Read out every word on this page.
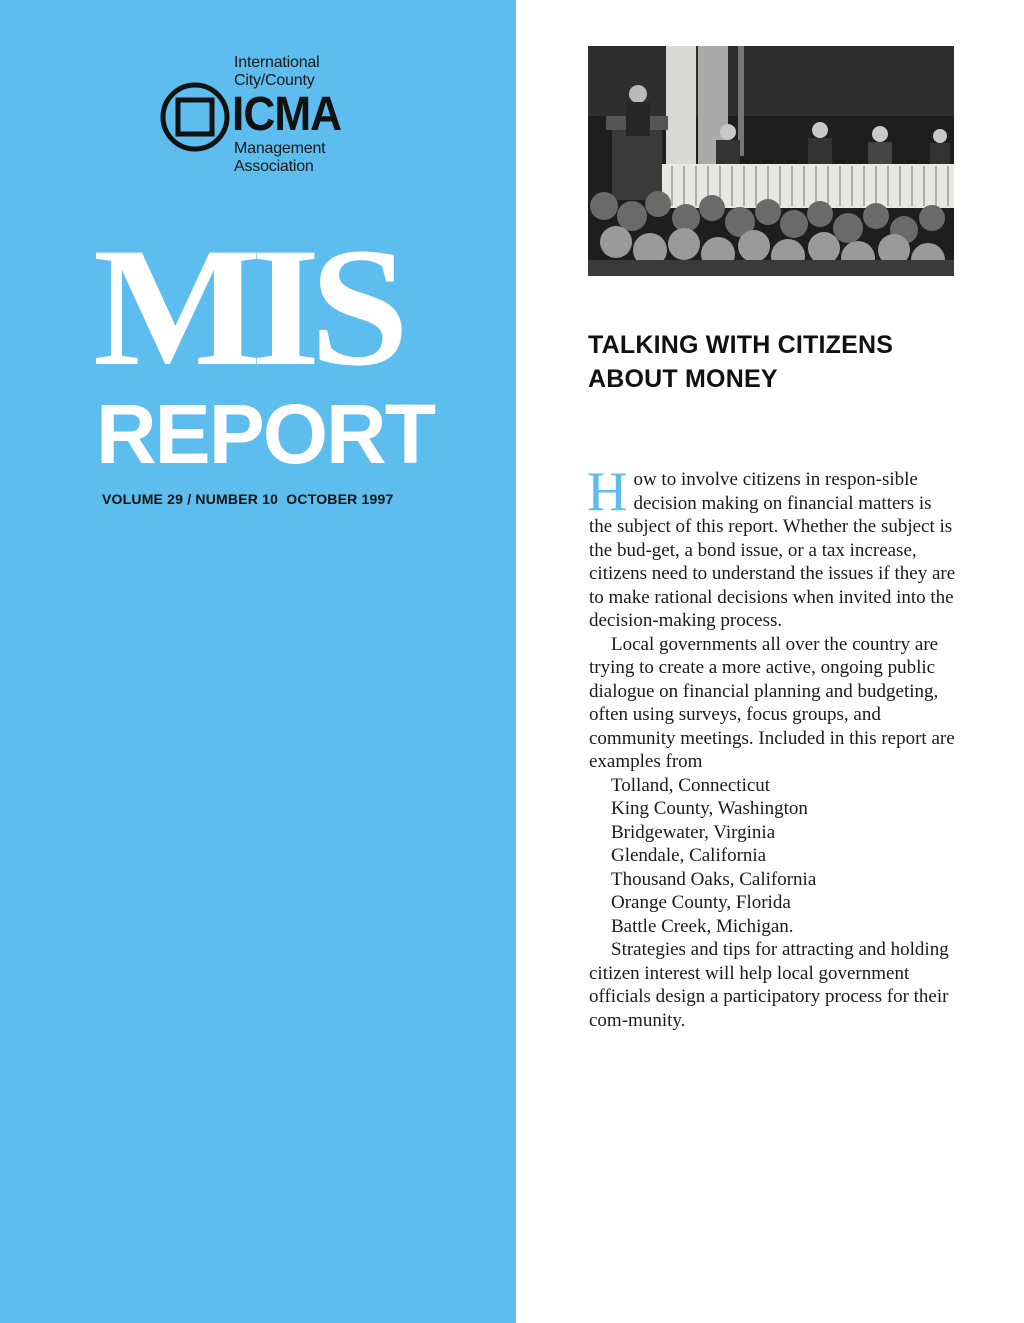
International
City/County
ICMA
Management
Association
MIS
REPORT
VOLUME 29 / NUMBER 10  OCTOBER 1997
TALKING WITH CITIZENS ABOUT MONEY

How to involve citizens in respon-sible decision making on financial matters is the subject of this report. Whether the subject is the bud-get, a bond issue, or a tax increase, citizens need to understand the issues if they are to make rational decisions when invited into the decision-making process.

Local governments all over the country are trying to create a more active, ongoing public dialogue on financial planning and budgeting, often using surveys, focus groups, and community meetings. Included in this report are examples from

Tolland, Connecticut
King County, Washington
Bridgewater, Virginia
Glendale, California
Thousand Oaks, California
Orange County, Florida
Battle Creek, Michigan.

Strategies and tips for attracting and holding citizen interest will help local government officials design a participatory process for their com-munity.
